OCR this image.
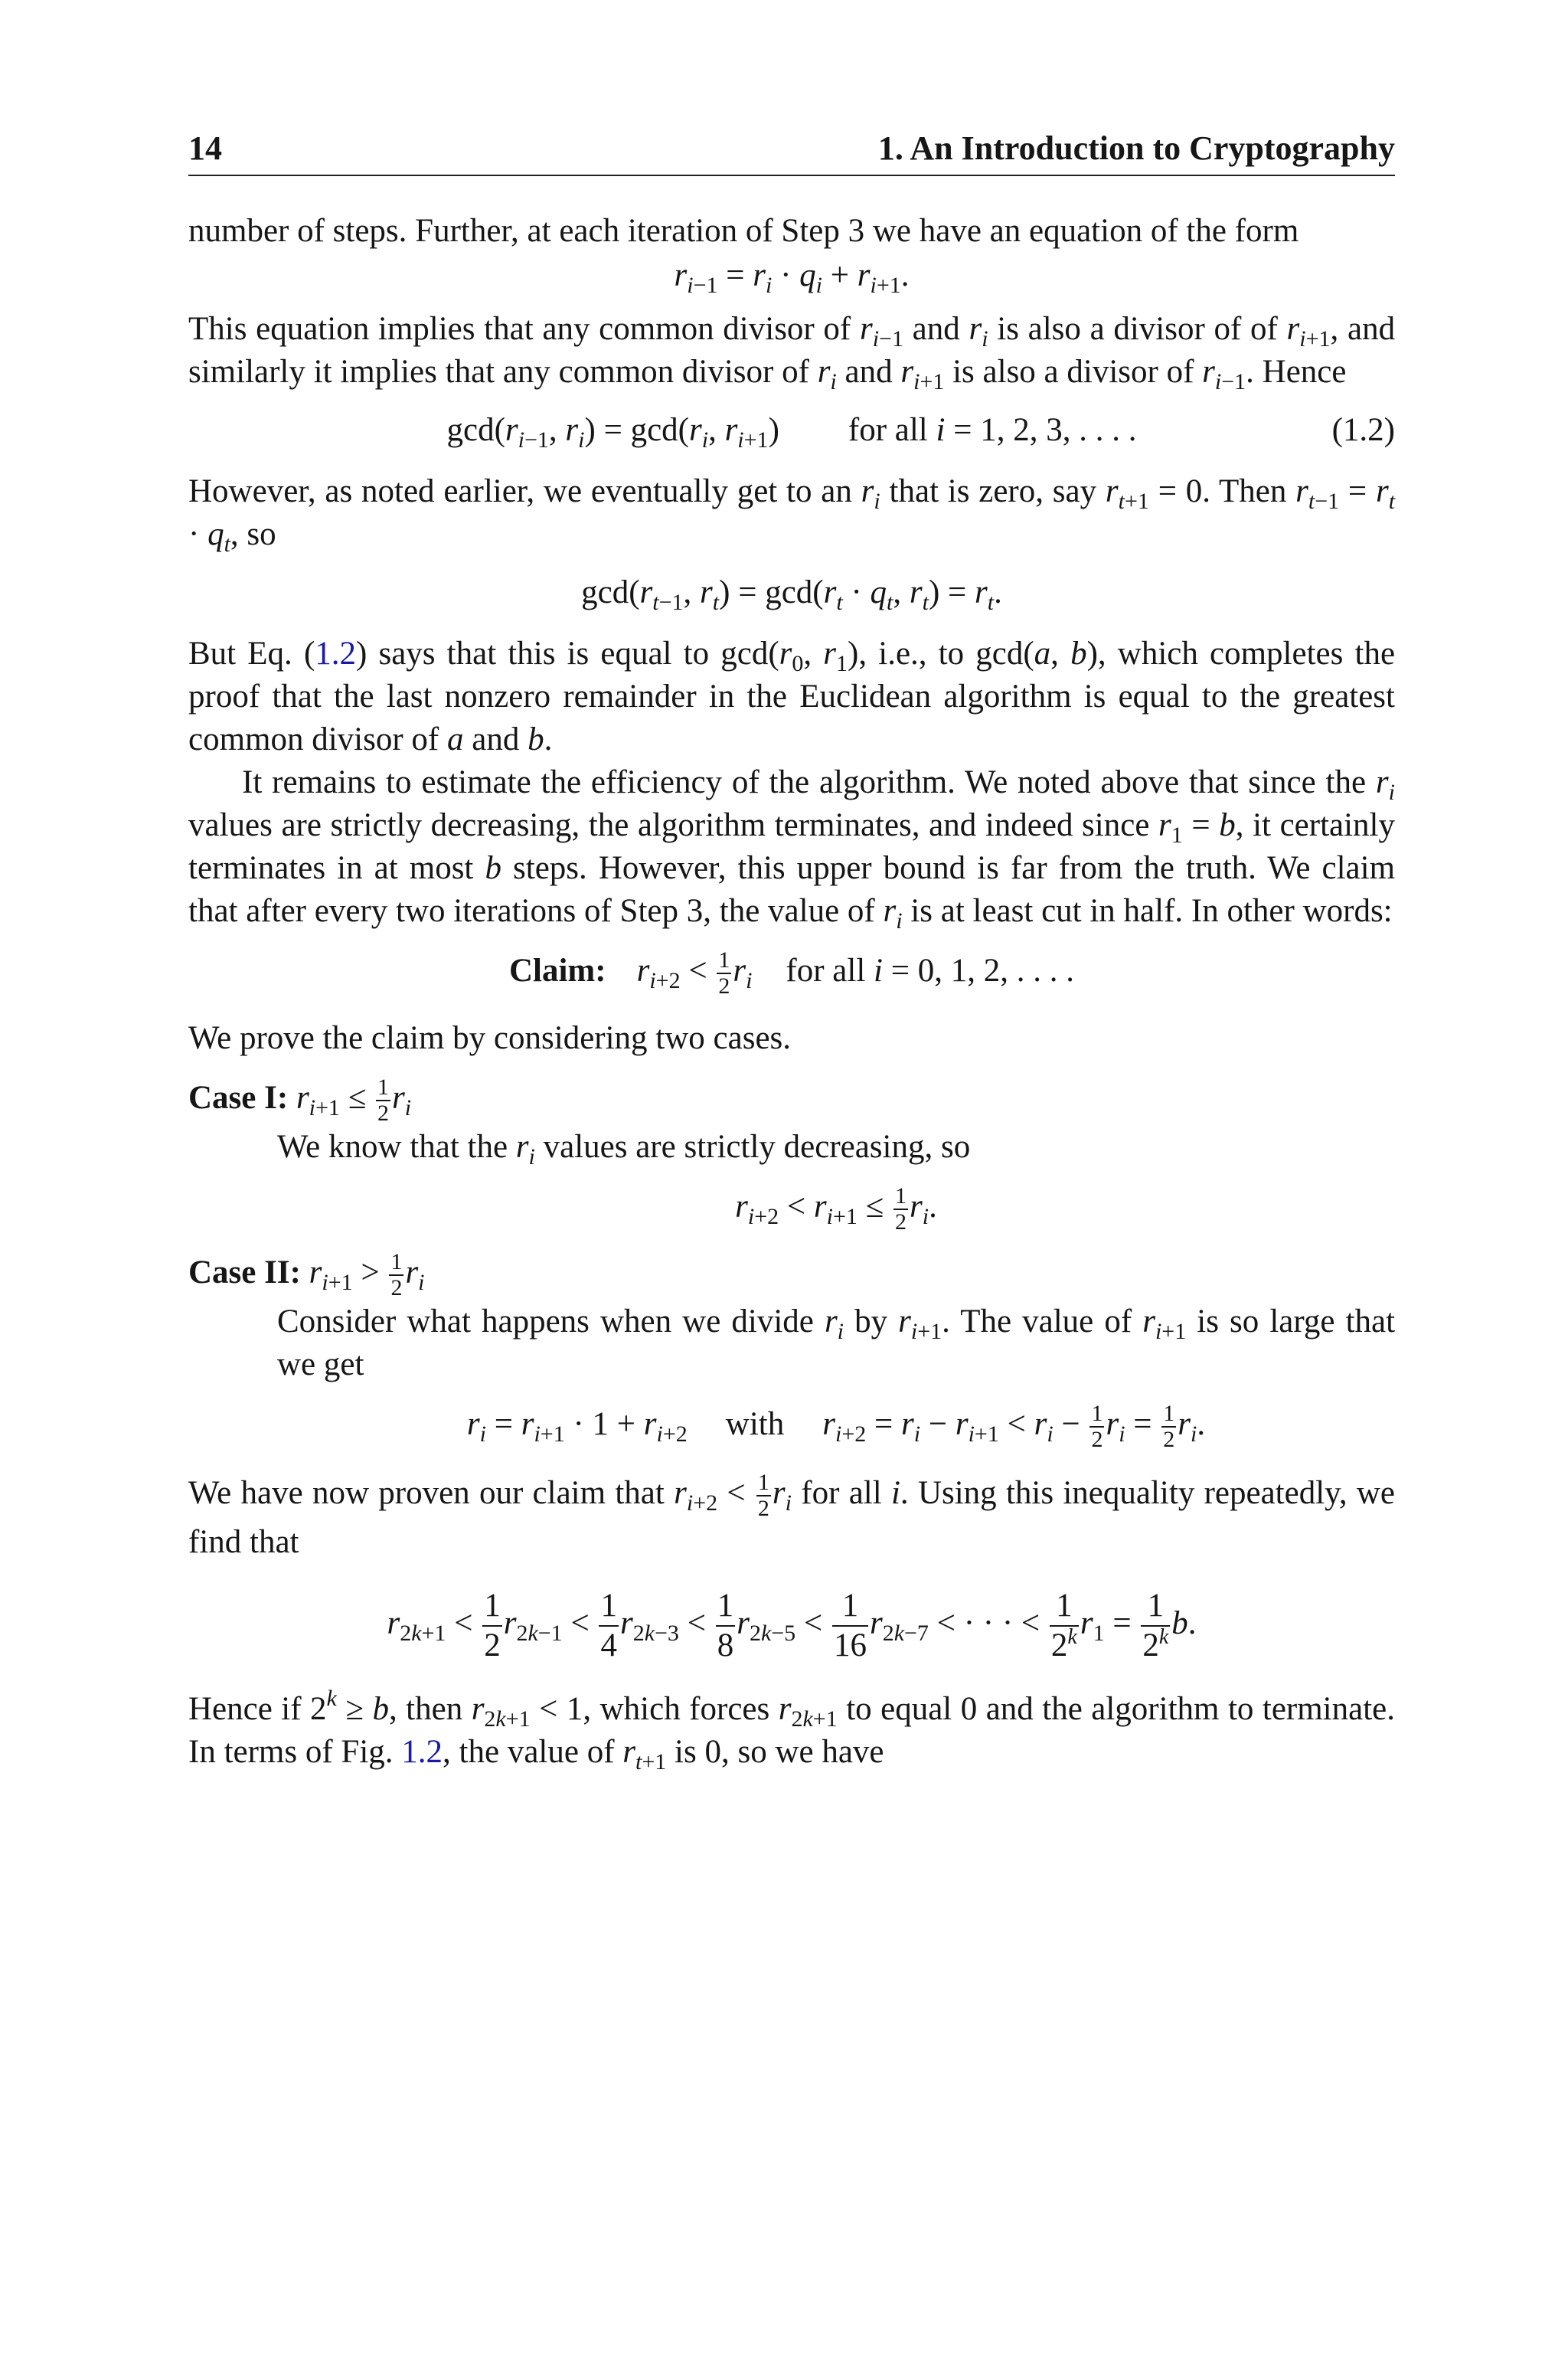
14	1. An Introduction to Cryptography

number of steps. Further, at each iteration of Step 3 we have an equation of the form

$r_{i-1} = r_i \cdot q_i + r_{i+1}$.

This equation implies that any common divisor of $r_{i-1}$ and $r_i$ is also a divisor of of $r_{i+1}$, and similarly it implies that any common divisor of $r_i$ and $r_{i+1}$ is also a divisor of $r_{i-1}$. Hence

$\gcd(r_{i-1}$, $r_i) = \gcd(r_i$, $r_{i+1}$) for all i = 1, 2, 3, . . . .	(1.2)

However, as noted earlier, we eventually get to an $r_i$ that is zero, say $r_{t+1} = 0$. Then $r_{t-1} = r_t \cdot q_t$, so

$\gcd(r_{t-1}$, $r_t) = \gcd(r_t \cdot q_t$, $r_t) = r_t$.

But Eq. (1.2) says that this is equal to $\gcd(r_0$, $r_1$), i.e., to gcd(a, b), which completes the proof that the last nonzero remainder in the Euclidean algorithm is equal to the greatest common divisor of a and b.

It remains to estimate the efficiency of the algorithm. We noted above that since the $r_i$ values are strictly decreasing, the algorithm terminates, and indeed since $r_1 = b$, it certainly terminates in at most b steps. However, this upper bound is far from the truth. We claim that after every two iterations of Step 3, the value of $r_i$ is at least cut in half. In other words:

Claim: $r_{i+2} < \frac{1}{2} r_i$ for all i = 0, 1, 2, . . . .

We prove the claim by considering two cases.

Case I: $r_{i+1} \le \frac{1}{2} r_i$

We know that the $r_i$ values are strictly decreasing, so

$r_{i+2} < r_{i+1} \le \frac{1}{2} r_i$.
Case II: $r_{i+1} > \frac{1}{2} r_i$

Consider what happens when we divide $r_i$ by $r_{i+1}$. The value of $r_{i+1}$ is so large that we get

$r_i = r_{i+1} \cdot 1 + r_{i+2}$ with $r_{i+2} = r_i - r_{i+1} < r_i - \frac{1}{2} r_i = \frac{1}{2} r_i$.

We have now proven our claim that $r_{i+2} < \frac{1}{2} r_i$ for all i. Using this inequality repeatedly, we find that

$r_{2k+1} < \frac{1}{2} r_{2k-1} < \frac{1}{4} r_{2k-3} < \frac{1}{8} r_{2k-5} < \frac{1}{16} r_{2k-7}$ < · · · < $\frac{1}{2^k} r_1 = \frac{1}{2^k} b$.

Hence if $2^k \ge b$, then $r_{2k+1} < 1$, which forces $r_{2k+1}$ to equal 0 and the algorithm to terminate. In terms of Fig. 1.2, the value of $r_{t+1}$ is 0, so we have
